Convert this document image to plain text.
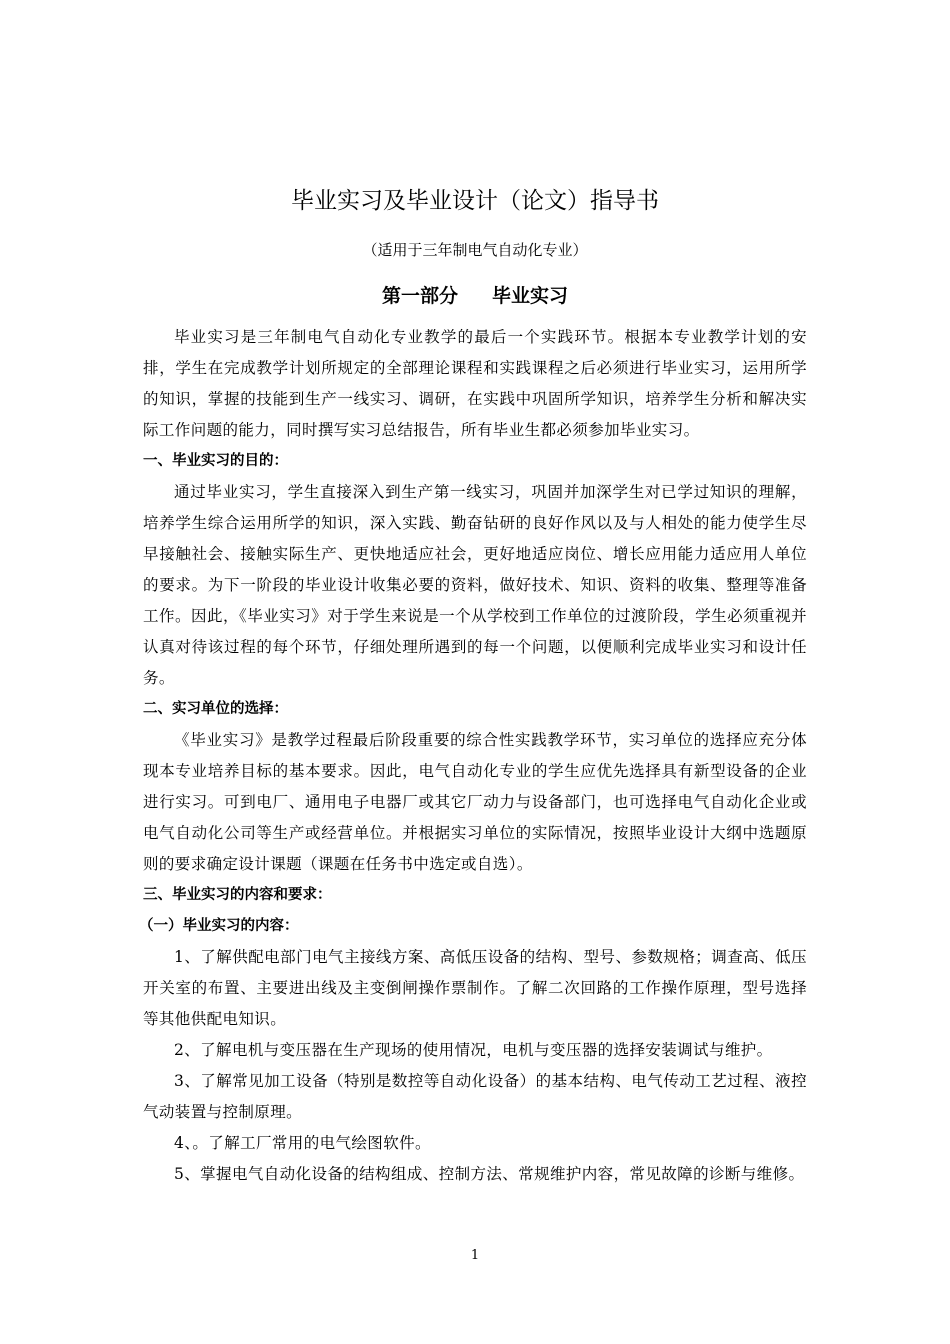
毕业实习及毕业设计（论文）指导书
（适用于三年制电气自动化专业）
第一部分 毕业实习

毕业实习是三年制电气自动化专业教学的最后一个实践环节。根据本专业教学计划的安排，学生在完成教学计划所规定的全部理论课程和实践课程之后必须进行毕业实习，运用所学的知识，掌握的技能到生产一线实习、调研，在实践中巩固所学知识，培养学生分析和解决实际工作问题的能力，同时撰写实习总结报告，所有毕业生都必须参加毕业实习。

一、毕业实习的目的：

通过毕业实习，学生直接深入到生产第一线实习，巩固并加深学生对已学过知识的理解，培养学生综合运用所学的知识，深入实践、勤奋钻研的良好作风以及与人相处的能力使学生尽早接触社会、接触实际生产、更快地适应社会，更好地适应岗位、增长应用能力适应用人单位的要求。为下一阶段的毕业设计收集必要的资料，做好技术、知识、资料的收集、整理等准备工作。因此，《毕业实习》对于学生来说是一个从学校到工作单位的过渡阶段，学生必须重视并认真对待该过程的每个环节，仔细处理所遇到的每一个问题，以便顺利完成毕业实习和设计任务。

二、实习单位的选择：

《毕业实习》是教学过程最后阶段重要的综合性实践教学环节，实习单位的选择应充分体现本专业培养目标的基本要求。因此，电气自动化专业的学生应优先选择具有新型设备的企业进行实习。可到电厂、通用电子电器厂或其它厂动力与设备部门，也可选择电气自动化企业或电气自动化公司等生产或经营单位。并根据实习单位的实际情况，按照毕业设计大纲中选题原则的要求确定设计课题（课题在任务书中选定或自选）。

三、毕业实习的内容和要求：

（一）毕业实习的内容：

1、了解供配电部门电气主接线方案、高低压设备的结构、型号、参数规格；调查高、低压开关室的布置、主要进出线及主变倒闸操作票制作。了解二次回路的工作操作原理，型号选择等其他供配电知识。

2、了解电机与变压器在生产现场的使用情况，电机与变压器的选择安装调试与维护。

3、了解常见加工设备（特别是数控等自动化设备）的基本结构、电气传动工艺过程、液控气动装置与控制原理。

4、。了解工厂常用的电气绘图软件。

5、掌握电气自动化设备的结构组成、控制方法、常规维护内容，常见故障的诊断与维修。

1
